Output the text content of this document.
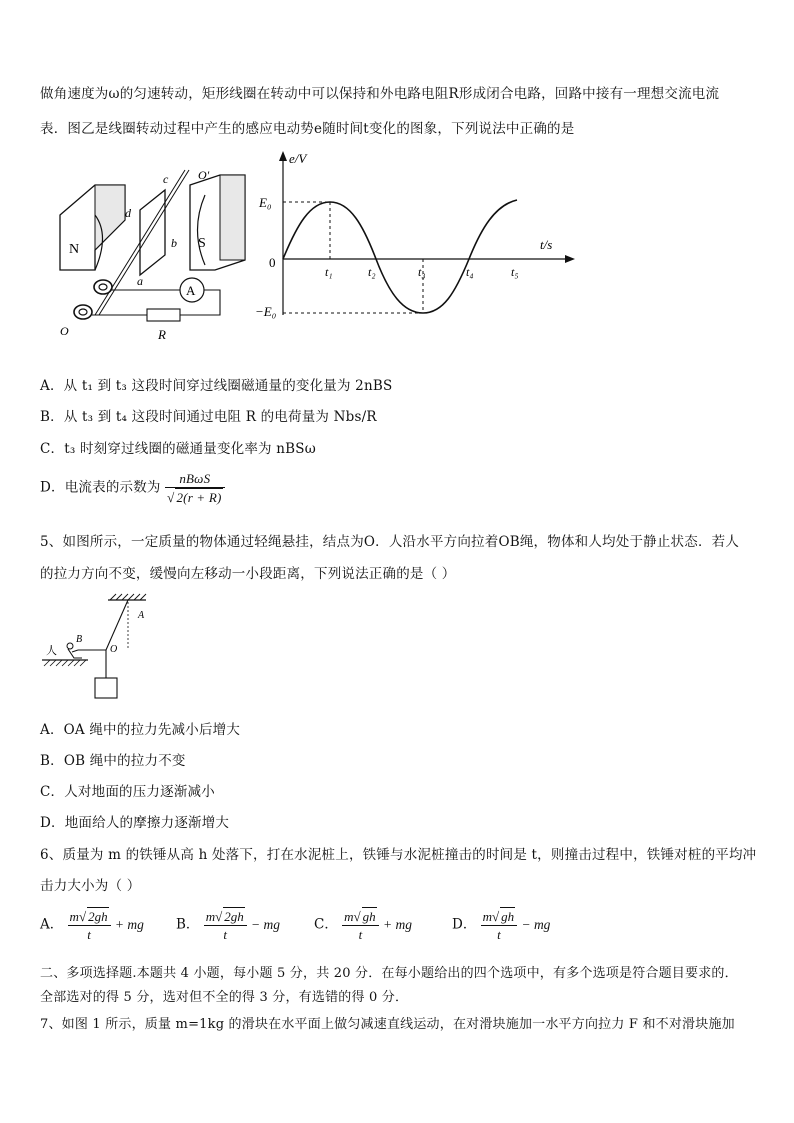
做角速度为ω的匀速转动，矩形线圈在转动中可以保持和外电路电阻R形成闭合电路，回路中接有一理想交流电流
表．图乙是线圈转动过程中产生的感应电动势e随时间t变化的图象，下列说法中正确的是
N	S
c
d
b
a
O'
O
A
R
e/V
t/s
0
E₀
−E₀
t₁	t₂	t₃	t₄	t₅
A．从 t₁ 到 t₃ 这段时间穿过线圈磁通量的变化量为 2nBS
B．从 t₃ 到 t₄ 这段时间通过电阻 R 的电荷量为 Nbs/R
C．t₃ 时刻穿过线圈的磁通量变化率为 nBSω
D．电流表的示数为 $\frac{\text{nBωS}}{√ 2(r + R)}$
5、如图所示，一定质量的物体通过轻绳悬挂，结点为O．人沿水平方向拉着OB绳，物体和人均处于静止状态．若人
的拉力方向不变，缓慢向左移动一小段距离，下列说法正确的是（ ）
A
O
B
人
A．OA 绳中的拉力先减小后增大
B．OB 绳中的拉力不变
C．人对地面的压力逐渐减小
D．地面给人的摩擦力逐渐增大
6、质量为 m 的铁锤从高 h 处落下，打在水泥桩上，铁锤与水泥桩撞击的时间是 t，则撞击过程中，铁锤对桩的平均冲
击力大小为（ ）
A． $\frac{m√ 2gh}{t}$ + mg B． $\frac{m√ 2gh}{t}$ − mg	C． $\frac{m√ gh}{t}$ + mg	D． $\frac{m√ gh}{t}$ − mg
二、多项选择题.本题共 4 小题，每小题 5 分，共 20 分．在每小题给出的四个选项中，有多个选项是符合题目要求的．
全部选对的得 5 分，选对但不全的得 3 分，有选错的得 0 分．
7、如图 1 所示，质量 m=1kg 的滑块在水平面上做匀减速直线运动，在对滑块施加一水平方向拉力 F 和不对滑块施加
